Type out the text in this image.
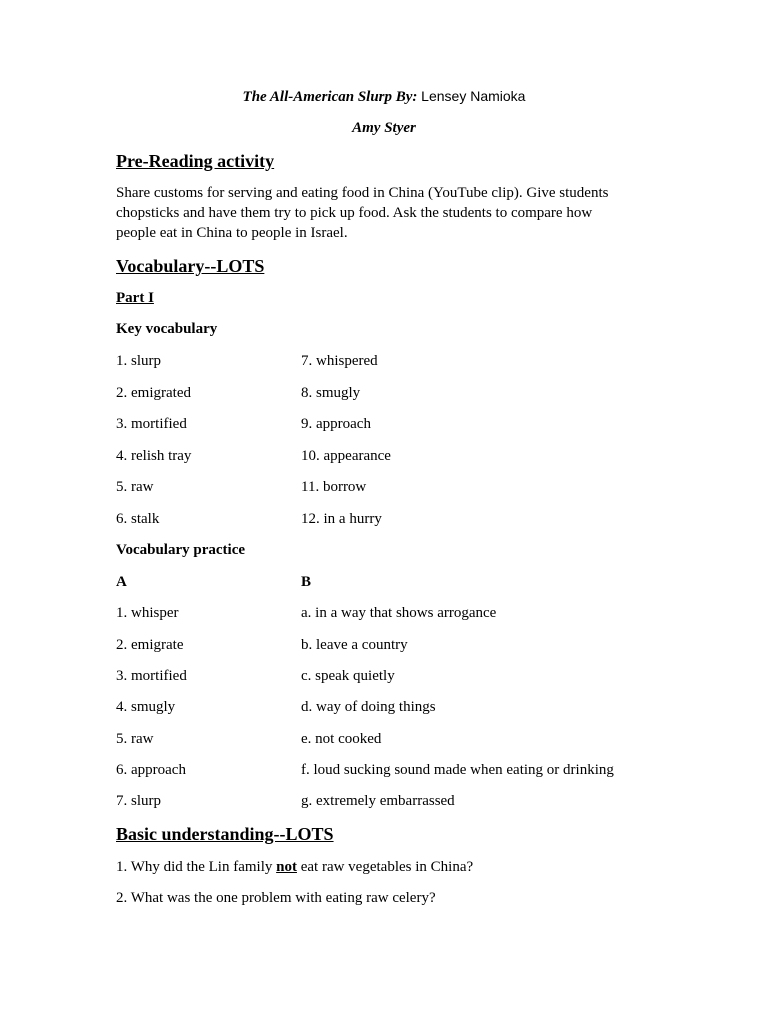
The All-American Slurp By: Lensey Namioka
Amy Styer
Pre-Reading activity
Share customs for serving and eating food in China (YouTube clip). Give students
chopsticks and have them try to pick up food. Ask the students to compare how
people eat in China to people in Israel.
Vocabulary--LOTS
Part I
Key vocabulary
1. slurp	7. whispered
2. emigrated	8. smugly
3. mortified	9. approach
4. relish tray	10. appearance
5. raw	11. borrow
6. stalk	12. in a hurry
Vocabulary practice
A	B
1. whisper	a. in a way that shows arrogance
2. emigrate	b. leave a country
3. mortified	c. speak quietly
4. smugly	d. way of doing things
5. raw	e. not cooked
6. approach	f. loud sucking sound made when eating or drinking
7. slurp	g. extremely embarrassed
Basic understanding--LOTS
1. Why did the Lin family not eat raw vegetables in China?
2. What was the one problem with eating raw celery?
